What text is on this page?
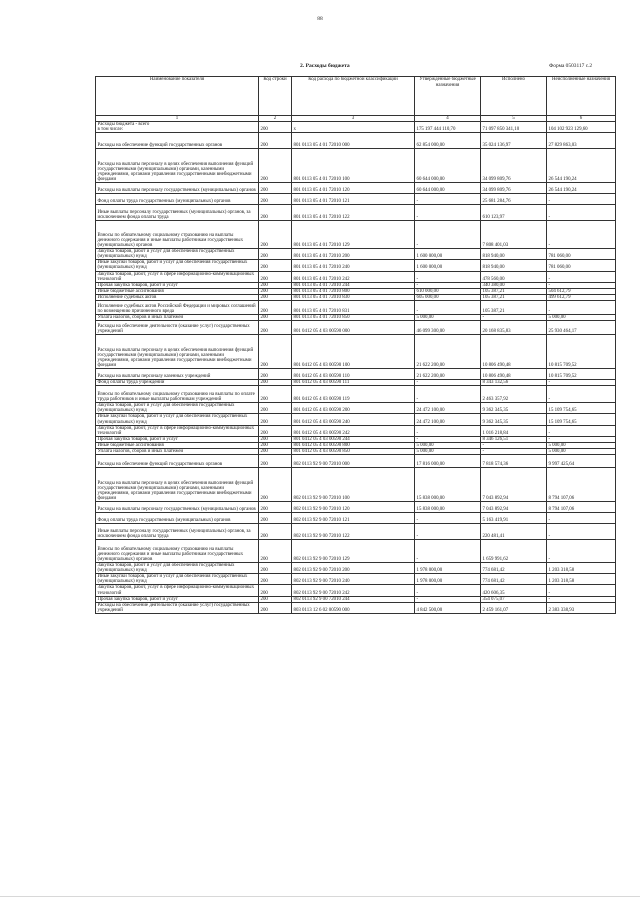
88
2. Расходы бюджета	Форма 0503117 с.2
Наименование показателя	Код строки	Код расхода по бюджетной классификации	Утвержденные бюджетные назначения	Исполнено	Неисполненные назначения
1	2	3	4	5	6
Расходы бюджета - всего
в том числе:	200	x	175 197 444 110,70	71 097 850 341,10	104 102 923 129,60
Расходы на обеспечение функций государственных органов	200	801 0113 05 4 01 72010 000	62 854 000,00	35 024 136,97	27 829 863,03
Расходы на выплаты персоналу в целях обеспечения выполнения функций государственными (муниципальными) органами, казенными учреждениями, органами управления государственными внебюджетными фондами	200	801 0113 05 4 01 72010 100	60 644 000,00	34 099 809,76	26 544 190,24
Расходы на выплаты персоналу государственных (муниципальных) органов	200	801 0113 05 4 01 72010 120	60 644 000,00	34 099 809,76	26 544 190,24
Фонд оплаты труда государственных (муниципальных) органов	200	801 0113 05 4 01 72010 121	-	25 681 284,76	-
Иные выплаты персоналу государственных (муниципальных) органов, за исключением фонда оплаты труда	200	801 0113 05 4 01 72010 122	-	610 123,97	-
Взносы по обязательному социальному страхованию на выплаты денежного содержания и иные выплаты работникам государственных (муниципальных) органов	200	801 0113 05 4 01 72010 129	-	7 808 401,03	-
Закупка товаров, работ и услуг для обеспечения государственных (муниципальных) нужд	200	801 0113 05 4 01 72010 200	1 600 000,00	818 940,00	781 060,00
Иные закупки товаров, работ и услуг для обеспечения государственных (муниципальных) нужд	200	801 0113 05 4 01 72010 240	1 600 000,00	818 940,00	781 060,00
Закупка товаров, работ, услуг в сфере информационно-коммуникационных технологий	200	801 0113 05 4 01 72010 242	-	478 560,00	-
Прочая закупка товаров, работ и услуг	200	801 0113 05 4 01 72010 244	-	340 380,00	-
Иные бюджетные ассигнования	200	801 0113 05 4 01 72010 800	610 000,00	105 387,21	504 612,79
Исполнение судебных актов	200	801 0113 05 4 01 72010 830	605 000,00	105 387,21	499 612,79
Исполнение судебных актов Российской Федерации и мировых соглашений по возмещению причиненного вреда	200	801 0113 05 4 01 72010 831	-	105 387,21	-
Уплата налогов, сборов и иных платежей	200	801 0113 05 4 01 72010 850	5 000,00	-	5 000,00
Расходы на обеспечение деятельности (оказание услуг) государственных учреждений	200	801 0412 05 4 03 00590 000	46 099 300,00	20 168 835,83	25 930 464,17
Расходы на выплаты персоналу в целях обеспечения выполнения функций государственными (муниципальными) органами, казенными учреждениями, органами управления государственными внебюджетными фондами	200	801 0412 05 4 03 00590 100	21 622 200,00	10 806 490,48	10 815 709,52
Расходы на выплаты персоналу казенных учреждений	200	801 0412 05 4 03 00590 110	21 622 200,00	10 806 490,48	10 815 709,52
Фонд оплаты труда учреждений	200	801 0412 05 4 03 00590 111	-	8 343 132,56	-
Взносы по обязательному социальному страхованию на выплаты по оплате труда работников и иные выплаты работникам учреждений	200	801 0412 05 4 03 00590 119	-	2 463 357,92	-
Закупка товаров, работ и услуг для обеспечения государственных (муниципальных) нужд	200	801 0412 05 4 03 00590 200	24 472 100,00	9 362 345,35	15 109 754,65
Иные закупки товаров, работ и услуг для обеспечения государственных (муниципальных) нужд	200	801 0412 05 4 03 00590 240	24 472 100,00	9 362 345,35	15 109 754,65
Закупка товаров, работ, услуг в сфере информационно-коммуникационных технологий	200	801 0412 05 4 03 00590 242	-	1 016 218,84	-
Прочая закупка товаров, работ и услуг	200	801 0412 05 4 03 00590 244	-	8 346 126,51	-
Иные бюджетные ассигнования	200	801 0412 05 4 03 00590 800	5 000,00	-	5 000,00
Уплата налогов, сборов и иных платежей	200	801 0412 05 4 03 00590 850	5 000,00	-	5 000,00
Расходы на обеспечение функций государственных органов	200	802 0113 92 9 00 72010 000	17 816 000,00	7 818 574,36	9 997 425,64
Расходы на выплаты персоналу в целях обеспечения выполнения функций государственными (муниципальными) органами, казенными учреждениями, органами управления государственными внебюджетными фондами	200	802 0113 92 9 00 72010 100	15 838 000,00	7 043 892,94	8 794 107,06
Расходы на выплаты персоналу государственных (муниципальных) органов	200	802 0113 92 9 00 72010 120	15 838 000,00	7 043 892,94	8 794 107,06
Фонд оплаты труда государственных (муниципальных) органов	200	802 0113 92 9 00 72010 121	-	5 163 419,91	-
Иные выплаты персоналу государственных (муниципальных) органов, за исключением фонда оплаты труда	200	802 0113 92 9 00 72010 122	-	220 481,41	-
Взносы по обязательному социальному страхованию на выплаты денежного содержания и иные выплаты работникам государственных (муниципальных) органов	200	802 0113 92 9 00 72010 129	-	1 659 991,62	-
Закупка товаров, работ и услуг для обеспечения государственных (муниципальных) нужд	200	802 0113 92 9 00 72010 200	1 978 000,00	774 681,42	1 203 318,58
Иные закупки товаров, работ и услуг для обеспечения государственных (муниципальных) нужд	200	802 0113 92 9 00 72010 240	1 978 000,00	774 681,42	1 203 318,58
Закупка товаров, работ, услуг в сфере информационно-коммуникационных технологий	200	802 0113 92 9 00 72010 242	-	420 606,35	-
Прочая закупка товаров, работ и услуг	200	802 0113 92 9 00 72010 244	-	354 075,07	-
Расходы на обеспечение деятельности (оказание услуг) государственных учреждений	200	803 0113 12 6 02 00590 000	4 842 500,00	2 459 161,07	2 383 338,93
